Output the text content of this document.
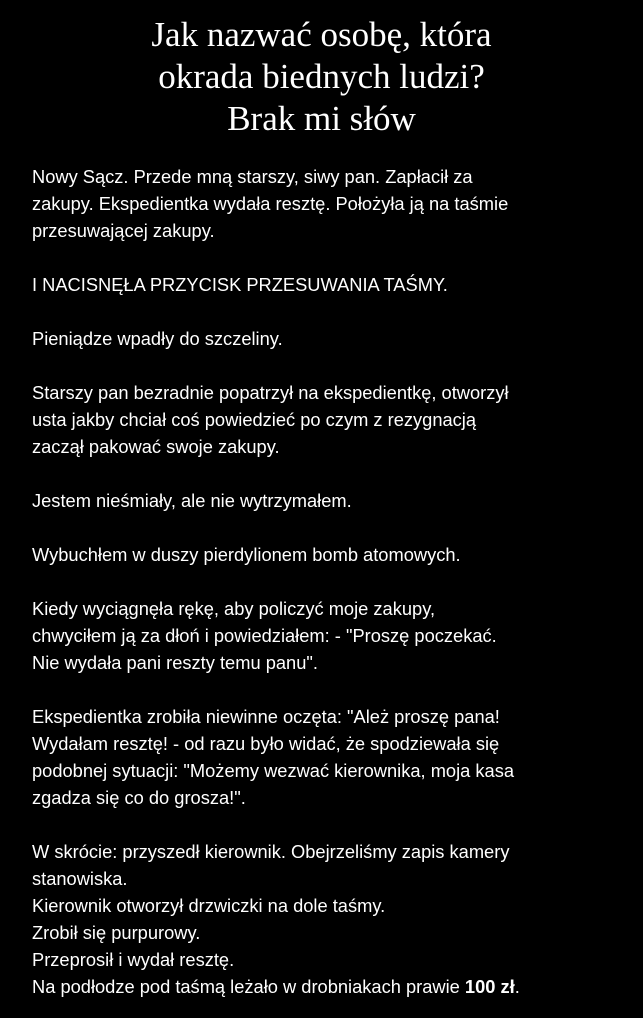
Jak nazwać osobę, która
okrada biednych ludzi?
Brak mi słów

Nowy Sącz. Przede mną starszy, siwy pan. Zapłacił za
zakupy. Ekspedientka wydała resztę. Położyła ją na taśmie
przesuwającej zakupy.

I NACISNĘŁA PRZYCISK PRZESUWANIA TAŚMY.

Pieniądze wpadły do szczeliny.

Starszy pan bezradnie popatrzył na ekspedientkę, otworzył
usta jakby chciał coś powiedzieć po czym z rezygnacją
zaczął pakować swoje zakupy.

Jestem nieśmiały, ale nie wytrzymałem.

Wybuchłem w duszy pierdylionem bomb atomowych.

Kiedy wyciągnęła rękę, aby policzyć moje zakupy,
chwyciłem ją za dłoń i powiedziałem: - "Proszę poczekać.
Nie wydała pani reszty temu panu".

Ekspedientka zrobiła niewinne oczęta: "Ależ proszę pana!
Wydałam resztę! - od razu było widać, że spodziewała się
podobnej sytuacji: "Możemy wezwać kierownika, moja kasa
zgadza się co do grosza!".

W skrócie: przyszedł kierownik. Obejrzeliśmy zapis kamery
stanowiska.
Kierownik otworzył drzwiczki na dole taśmy.
Zrobił się purpurowy.
Przeprosił i wydał resztę.
Na podłodze pod taśmą leżało w drobniakach prawie 100 zł.
